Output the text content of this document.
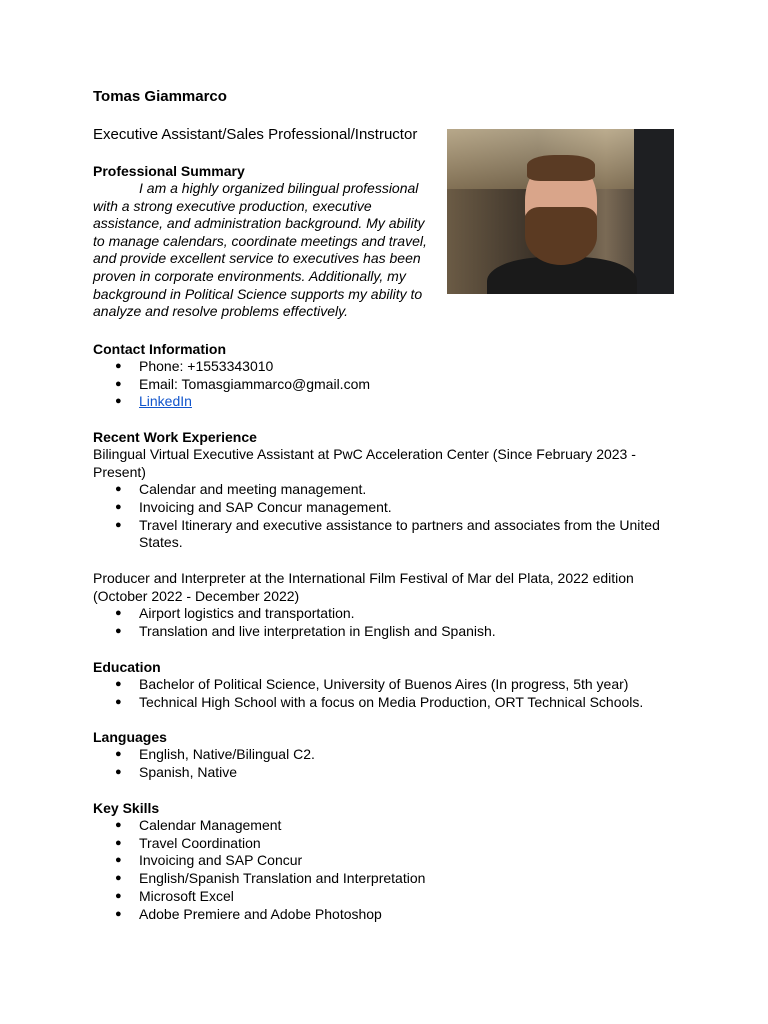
Tomas Giammarco
Executive Assistant/Sales Professional/Instructor
Professional Summary
I am a highly organized bilingual professional with a strong executive production, executive assistance, and administration background. My ability to manage calendars, coordinate meetings and travel, and provide excellent service to executives has been proven in corporate environments. Additionally, my background in Political Science supports my ability to analyze and resolve problems effectively.
Contact Information
● Phone: +1553343010
● Email: Tomasgiammarco@gmail.com
● LinkedIn
Recent Work Experience
Bilingual Virtual Executive Assistant at PwC Acceleration Center (Since February 2023 - Present)
● Calendar and meeting management.
● Invoicing and SAP Concur management.
● Travel Itinerary and executive assistance to partners and associates from the United States.
Producer and Interpreter at the International Film Festival of Mar del Plata, 2022 edition (October 2022 - December 2022)
● Airport logistics and transportation.
● Translation and live interpretation in English and Spanish.
Education
● Bachelor of Political Science, University of Buenos Aires (In progress, 5th year)
● Technical High School with a focus on Media Production, ORT Technical Schools.
Languages
● English, Native/Bilingual C2.
● Spanish, Native
Key Skills
● Calendar Management
● Travel Coordination
● Invoicing and SAP Concur
● English/Spanish Translation and Interpretation
● Microsoft Excel
● Adobe Premiere and Adobe Photoshop
